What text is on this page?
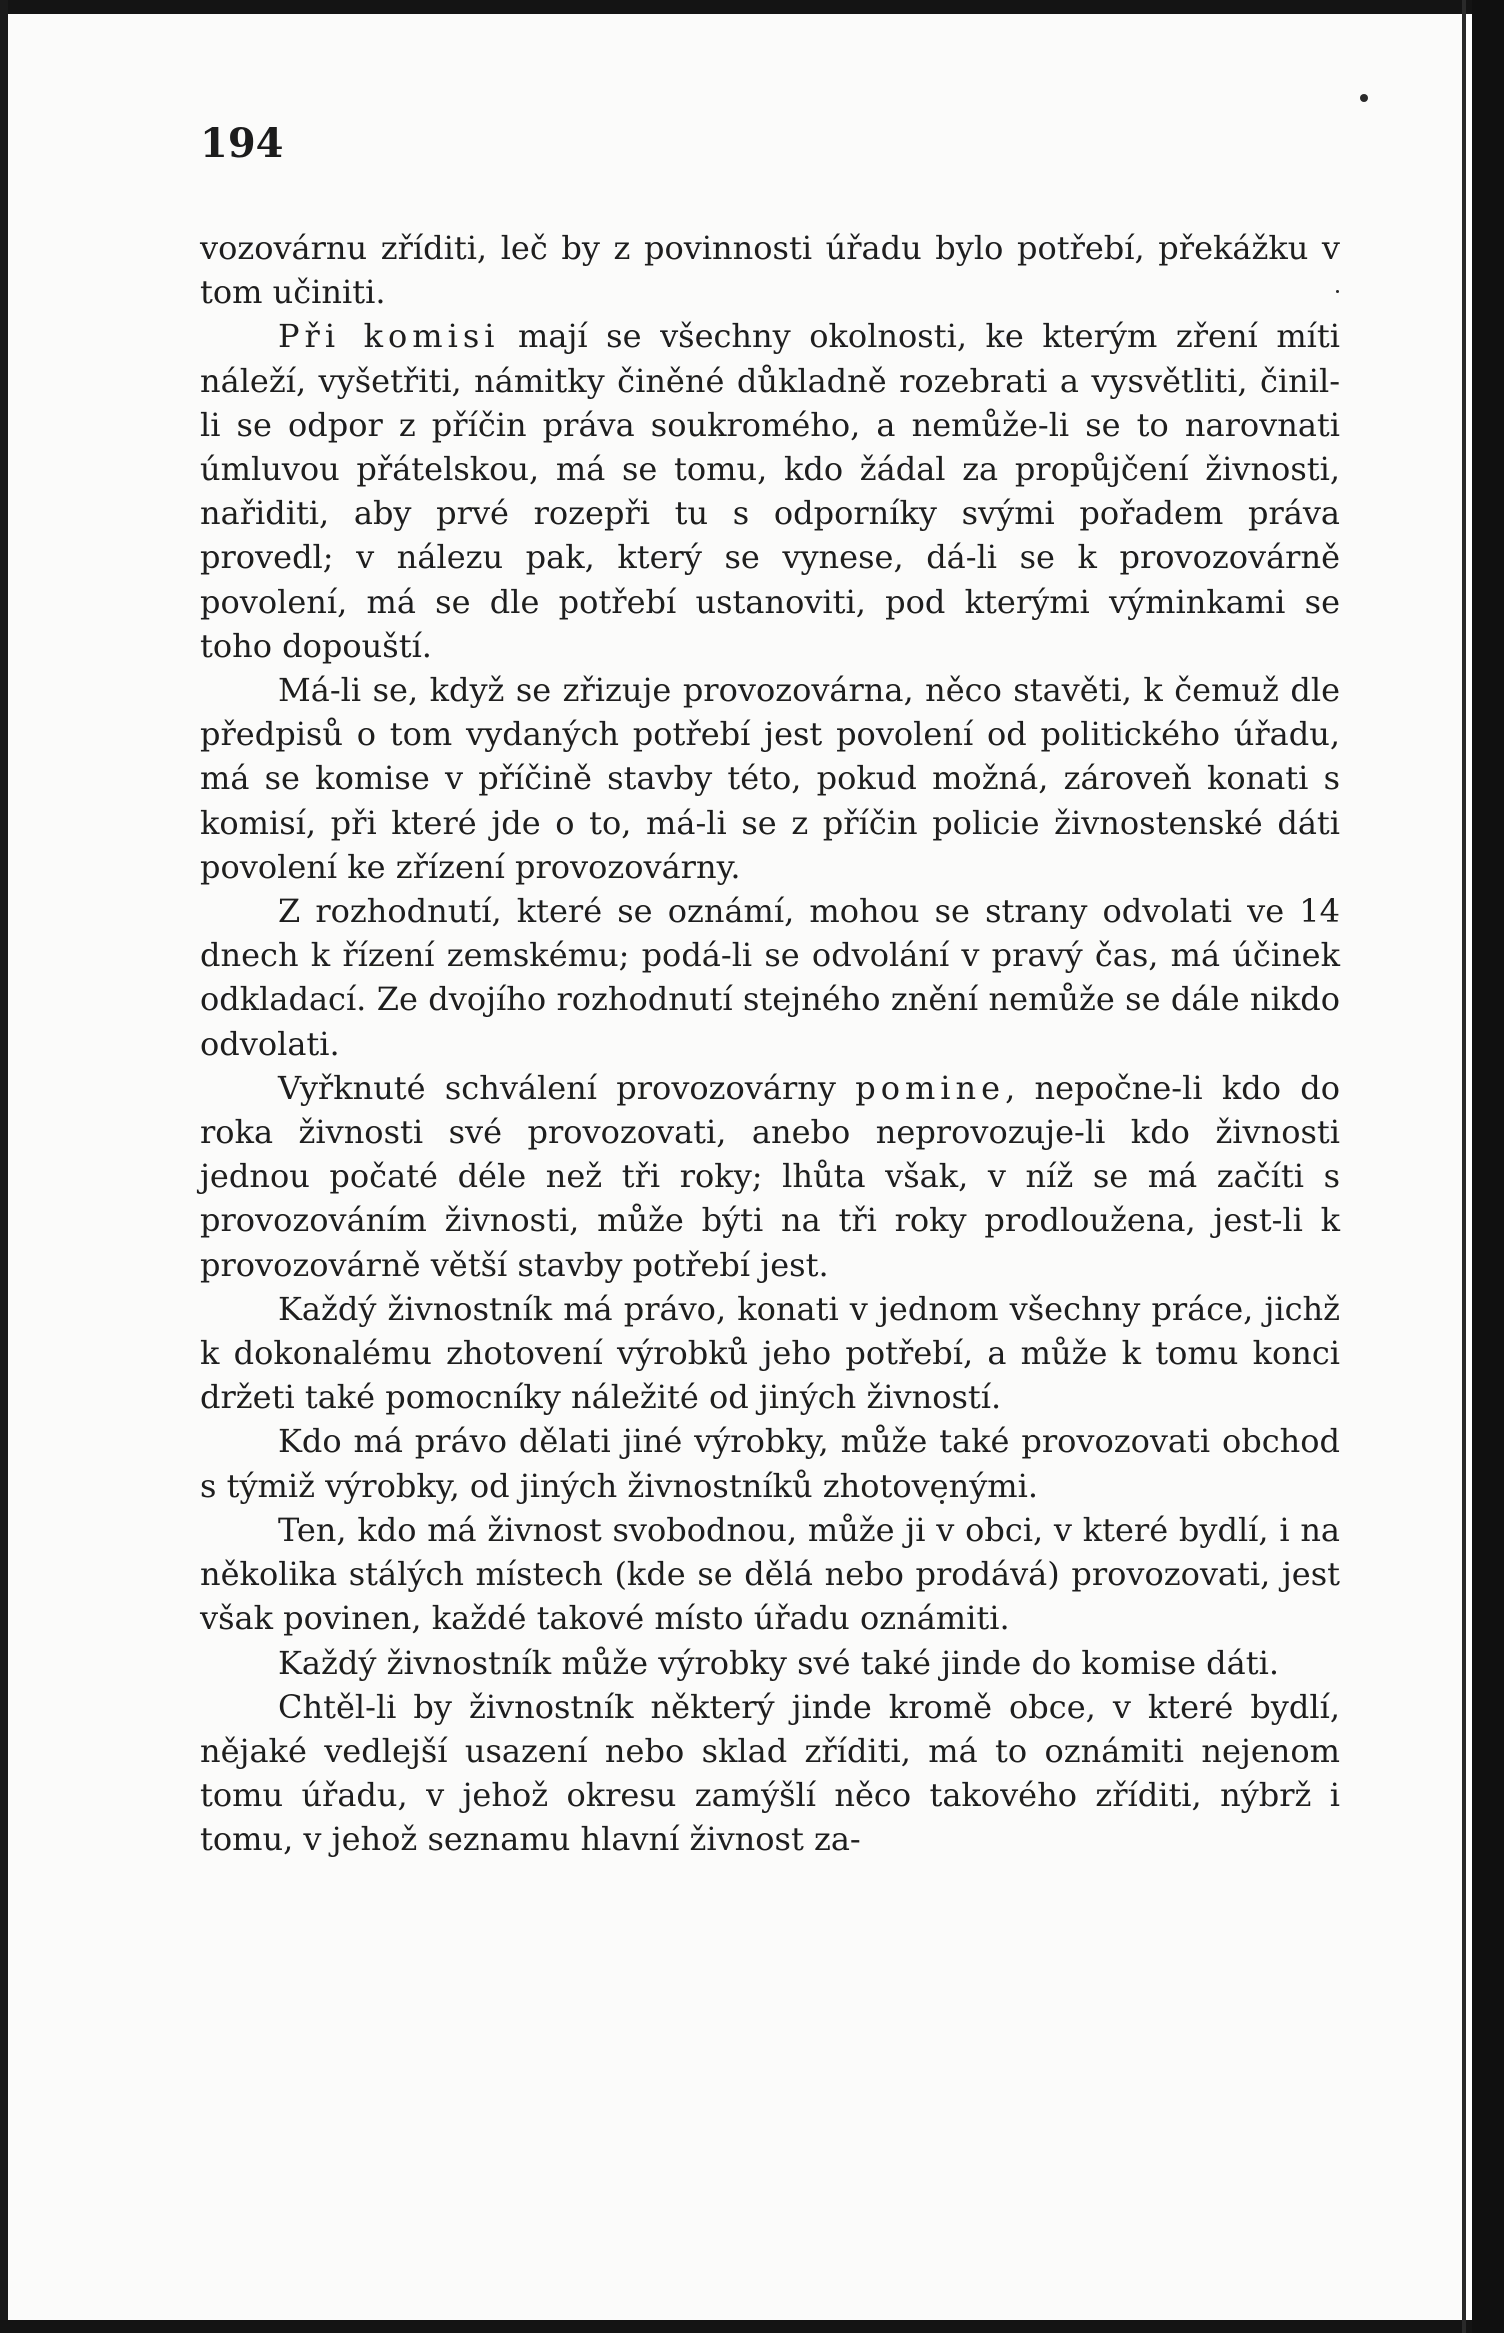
194

vozovárnu zříditi, leč by z povinnosti úřadu bylo potřebí, překážku v tom učiniti.

Při komisi mají se všechny okolnosti, ke kterým zření míti náleží, vyšetřiti, námitky činěné důkladně rozebrati a vysvětliti, činil-li se odpor z příčin práva soukromého, a nemůže-li se to narovnati úmluvou přátelskou, má se tomu, kdo žádal za propůjčení živnosti, nařiditi, aby prvé rozepři tu s odporníky svými pořadem práva provedl; v nálezu pak, který se vynese, dá-li se k provozovárně povolení, má se dle potřebí ustanoviti, pod kterými výminkami se toho dopouští.

Má-li se, když se zřizuje provozovárna, něco stavěti, k čemuž dle předpisů o tom vydaných potřebí jest povolení od politického úřadu, má se komise v příčině stavby této, pokud možná, zároveň konati s komisí, při které jde o to, má-li se z příčin policie živnostenské dáti povolení ke zřízení provozovárny.

Z rozhodnutí, které se oznámí, mohou se strany odvolati ve 14 dnech k řízení zemskému; podá-li se odvolání v pravý čas, má účinek odkladací. Ze dvojího rozhodnutí stejného znění nemůže se dále nikdo odvolati.

Vyřknuté schválení provozovárny pomine, nepočne-li kdo do roka živnosti své provozovati, anebo neprovozuje-li kdo živnosti jednou počaté déle než tři roky; lhůta však, v níž se má začíti s provozováním živnosti, může býti na tři roky prodloužena, jest-li k provozovárně větší stavby potřebí jest.

Každý živnostník má právo, konati v jednom všechny práce, jichž k dokonalému zhotovení výrobků jeho potřebí, a může k tomu konci držeti také pomocníky náležité od jiných živností.

Kdo má právo dělati jiné výrobky, může také provozovati obchod s týmiž výrobky, od jiných živnostníků zhotovenými.

Ten, kdo má živnost svobodnou, může ji v obci, v které bydlí, i na několika stálých místech (kde se dělá nebo prodává) provozovati, jest však povinen, každé takové místo úřadu oznámiti.

Každý živnostník může výrobky své také jinde do komise dáti.

Chtěl-li by živnostník některý jinde kromě obce, v které bydlí, nějaké vedlejší usazení nebo sklad zříditi, má to oznámiti nejenom tomu úřadu, v jehož okresu zamýšlí něco takového zříditi, nýbrž i tomu, v jehož seznamu hlavní živnost za-
